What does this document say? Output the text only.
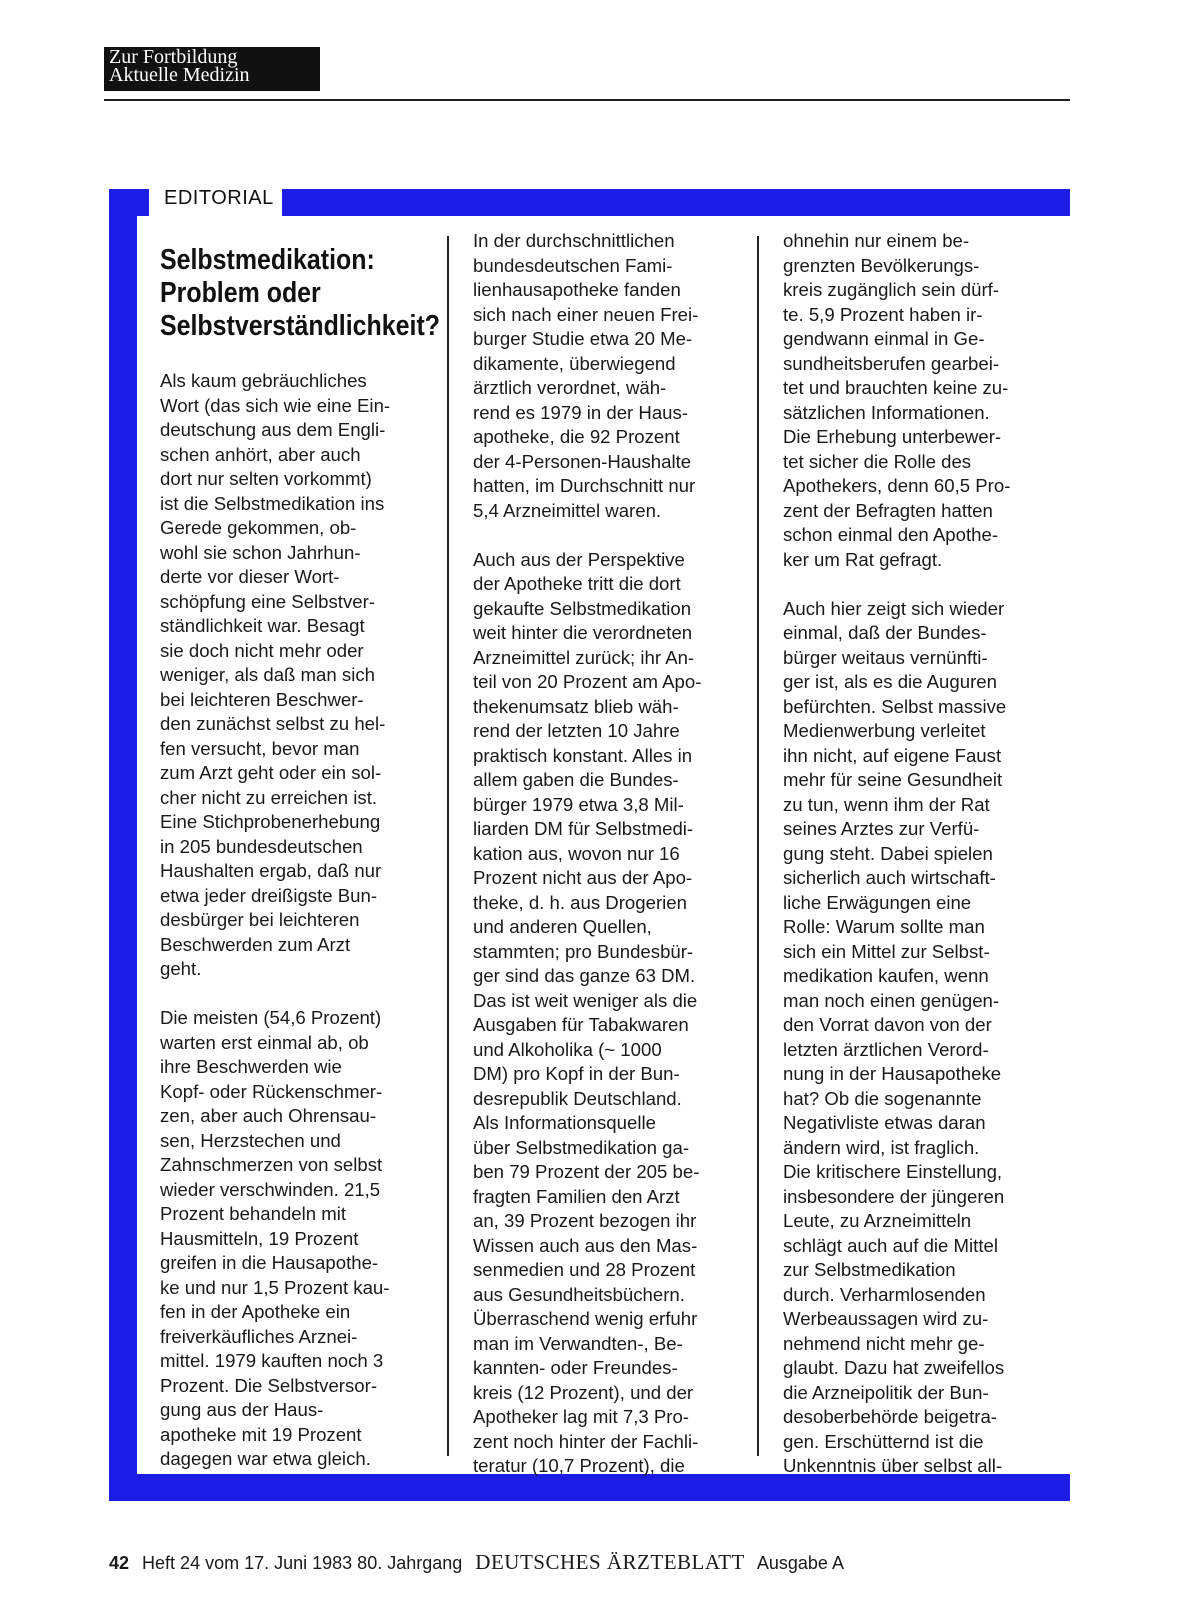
Zur Fortbildung
Aktuelle Medizin
EDITORIAL
Selbstmedikation:
Problem oder
Selbstverständlichkeit?

Als kaum gebräuchliches
Wort (das sich wie eine Ein-
deutschung aus dem Engli-
schen anhört, aber auch
dort nur selten vorkommt)
ist die Selbstmedikation ins
Gerede gekommen, ob-
wohl sie schon Jahrhun-
derte vor dieser Wort-
schöpfung eine Selbstver-
ständlichkeit war. Besagt
sie doch nicht mehr oder
weniger, als daß man sich
bei leichteren Beschwer-
den zunächst selbst zu hel-
fen versucht, bevor man
zum Arzt geht oder ein sol-
cher nicht zu erreichen ist.
Eine Stichprobenerhebung
in 205 bundesdeutschen
Haushalten ergab, daß nur
etwa jeder dreißigste Bun-
desbürger bei leichteren
Beschwerden zum Arzt
geht.

Die meisten (54,6 Prozent)
warten erst einmal ab, ob
ihre Beschwerden wie
Kopf- oder Rückenschmer-
zen, aber auch Ohrensau-
sen, Herzstechen und
Zahnschmerzen von selbst
wieder verschwinden. 21,5
Prozent behandeln mit
Hausmitteln, 19 Prozent
greifen in die Hausapothe-
ke und nur 1,5 Prozent kau-
fen in der Apotheke ein
freiverkäufliches Arznei-
mittel. 1979 kauften noch 3
Prozent. Die Selbstversor-
gung aus der Haus-
apotheke mit 19 Prozent
dagegen war etwa gleich.

In der durchschnittlichen
bundesdeutschen Fami-
lienhausapotheke fanden
sich nach einer neuen Frei-
burger Studie etwa 20 Me-
dikamente, überwiegend
ärztlich verordnet, wäh-
rend es 1979 in der Haus-
apotheke, die 92 Prozent
der 4-Personen-Haushalte
hatten, im Durchschnitt nur
5,4 Arzneimittel waren.

Auch aus der Perspektive
der Apotheke tritt die dort
gekaufte Selbstmedikation
weit hinter die verordneten
Arzneimittel zurück; ihr An-
teil von 20 Prozent am Apo-
thekenumsatz blieb wäh-
rend der letzten 10 Jahre
praktisch konstant. Alles in
allem gaben die Bundes-
bürger 1979 etwa 3,8 Mil-
liarden DM für Selbstmedi-
kation aus, wovon nur 16
Prozent nicht aus der Apo-
theke, d. h. aus Drogerien
und anderen Quellen,
stammten; pro Bundesbür-
ger sind das ganze 63 DM.
Das ist weit weniger als die
Ausgaben für Tabakwaren
und Alkoholika (~ 1000
DM) pro Kopf in der Bun-
desrepublik Deutschland.
Als Informationsquelle
über Selbstmedikation ga-
ben 79 Prozent der 205 be-
fragten Familien den Arzt
an, 39 Prozent bezogen ihr
Wissen auch aus den Mas-
senmedien und 28 Prozent
aus Gesundheitsbüchern.
Überraschend wenig erfuhr
man im Verwandten-, Be-
kannten- oder Freundes-
kreis (12 Prozent), und der
Apotheker lag mit 7,3 Pro-
zent noch hinter der Fachli-
teratur (10,7 Prozent), die

ohnehin nur einem be-
grenzten Bevölkerungs-
kreis zugänglich sein dürf-
te. 5,9 Prozent haben ir-
gendwann einmal in Ge-
sundheitsberufen gearbei-
tet und brauchten keine zu-
sätzlichen Informationen.
Die Erhebung unterbewer-
tet sicher die Rolle des
Apothekers, denn 60,5 Pro-
zent der Befragten hatten
schon einmal den Apothe-
ker um Rat gefragt.

Auch hier zeigt sich wieder
einmal, daß der Bundes-
bürger weitaus vernünfti-
ger ist, als es die Auguren
befürchten. Selbst massive
Medienwerbung verleitet
ihn nicht, auf eigene Faust
mehr für seine Gesundheit
zu tun, wenn ihm der Rat
seines Arztes zur Verfü-
gung steht. Dabei spielen
sicherlich auch wirtschaft-
liche Erwägungen eine
Rolle: Warum sollte man
sich ein Mittel zur Selbst-
medikation kaufen, wenn
man noch einen genügen-
den Vorrat davon von der
letzten ärztlichen Verord-
nung in der Hausapotheke
hat? Ob die sogenannte
Negativliste etwas daran
ändern wird, ist fraglich.
Die kritischere Einstellung,
insbesondere der jüngeren
Leute, zu Arzneimitteln
schlägt auch auf die Mittel
zur Selbstmedikation
durch. Verharmlosenden
Werbeaussagen wird zu-
nehmend nicht mehr ge-
glaubt. Dazu hat zweifellos
die Arzneipolitik der Bun-
desoberbehörde beigetra-
gen. Erschütternd ist die
Unkenntnis über selbst all-

42 Heft 24 vom 17. Juni 1983 80. Jahrgang DEUTSCHES ÄRZTEBLATT Ausgabe A
